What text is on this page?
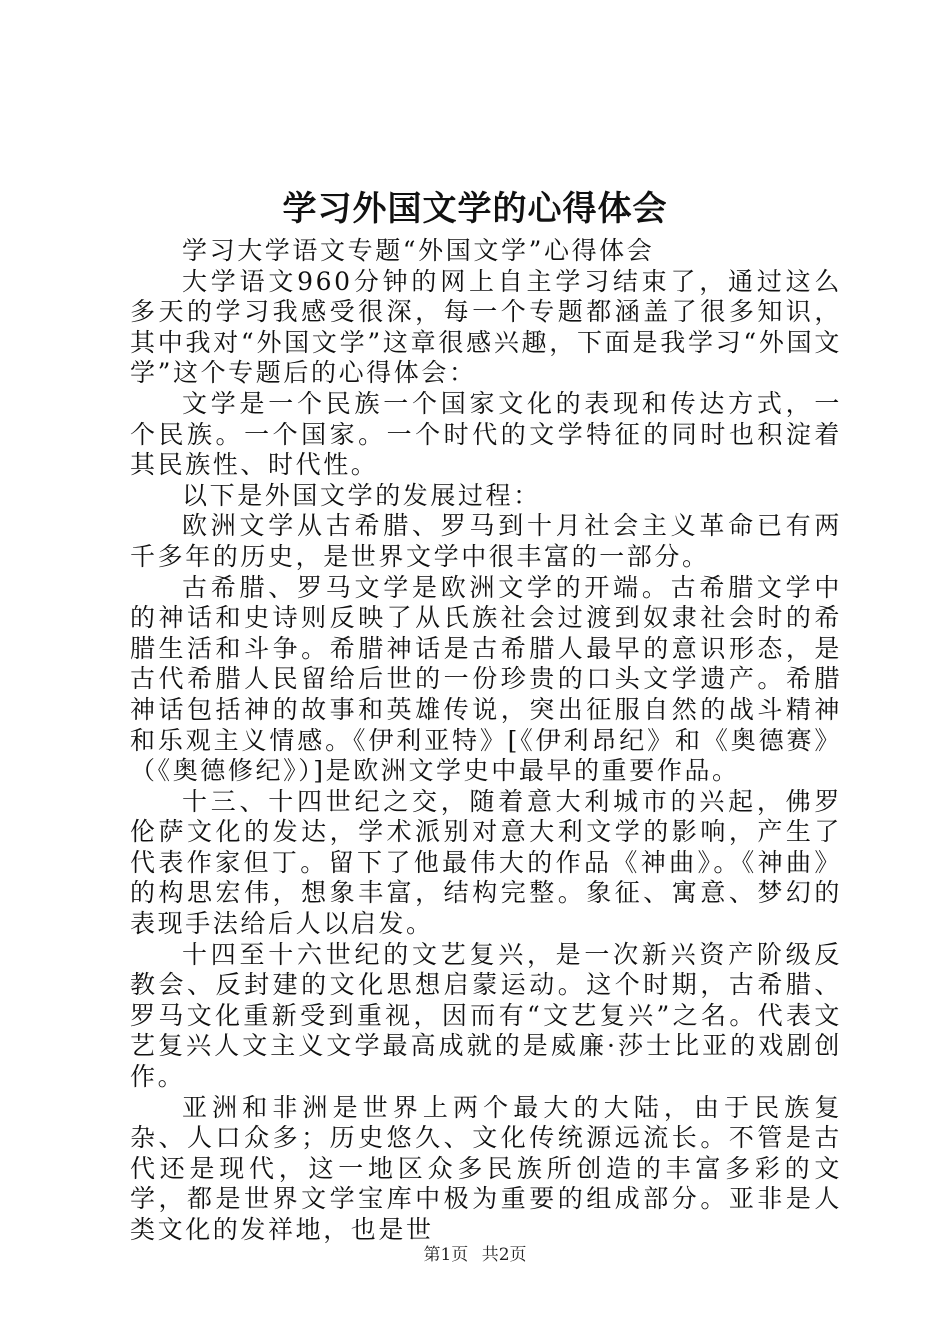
学习外国文学的心得体会

学习大学语文专题“外国文学”心得体会

大学语文960分钟的网上自主学习结束了，通过这么多天的学习我感受很深，每一个专题都涵盖了很多知识，其中我对“外国文学”这章很感兴趣，下面是我学习“外国文学”这个专题后的心得体会：

文学是一个民族一个国家文化的表现和传达方式，一个民族。一个国家。一个时代的文学特征的同时也积淀着其民族性、时代性。

以下是外国文学的发展过程：

欧洲文学从古希腊、罗马到十月社会主义革命已有两千多年的历史，是世界文学中很丰富的一部分。

古希腊、罗马文学是欧洲文学的开端。古希腊文学中的神话和史诗则反映了从氏族社会过渡到奴隶社会时的希腊生活和斗争。希腊神话是古希腊人最早的意识形态，是古代希腊人民留给后世的一份珍贵的口头文学遗产。希腊神话包括神的故事和英雄传说，突出征服自然的战斗精神和乐观主义情感。《伊利亚特》[《伊利昂纪》和《奥德赛》（《奥德修纪》）]是欧洲文学史中最早的重要作品。

十三、十四世纪之交，随着意大利城市的兴起，佛罗伦萨文化的发达，学术派别对意大利文学的影响，产生了代表作家但丁。留下了他最伟大的作品《神曲》。《神曲》的构思宏伟，想象丰富，结构完整。象征、寓意、梦幻的表现手法给后人以启发。

十四至十六世纪的文艺复兴，是一次新兴资产阶级反教会、反封建的文化思想启蒙运动。这个时期，古希腊、罗马文化重新受到重视，因而有“文艺复兴”之名。代表文艺复兴人文主义文学最高成就的是威廉·莎士比亚的戏剧创作。

亚洲和非洲是世界上两个最大的大陆，由于民族复杂、人口众多；历史悠久、文化传统源远流长。不管是古代还是现代，这一地区众多民族所创造的丰富多彩的文学，都是世界文学宝库中极为重要的组成部分。亚非是人类文化的发祥地，也是世

第1页 共2页
